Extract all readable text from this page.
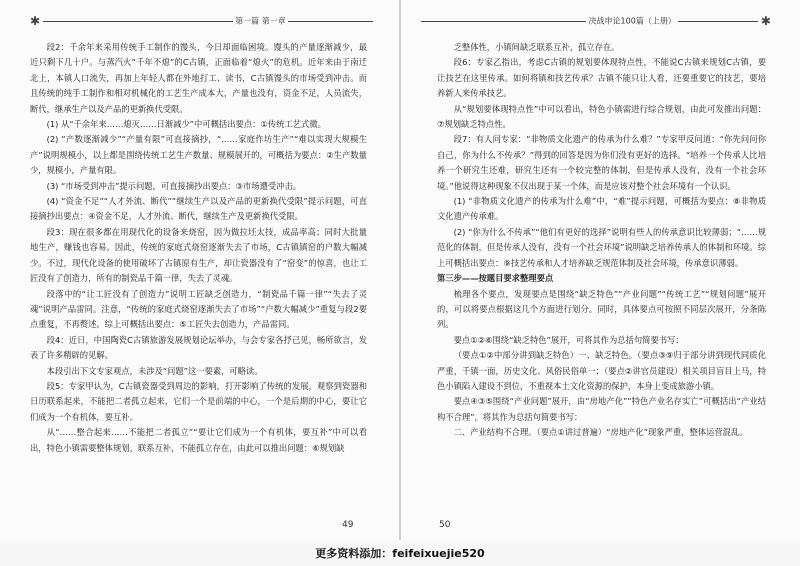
✱	第一篇 第一章

段2：千余年来采用传统手工制作的馒头，今日却面临困境。馒头的产量逐渐减少，最近只剩下几十户。与蒸汽火“千年不熄”的C古镇，正面临着“熄火”的危机。近年来由于南迁北上，本镇人口流失，再加上年轻人都在外地打工、读书，C古镇馒头的市场受到冲击。而且传统的纯手工制作和相对机械化的工艺生产成本大，产量也没有，资金不足，人员流失，断代，继承生产以及产品的更新换代受限。

(1) 从“千余年来……熄灭……日渐减少”中可概括出要点：①传统工艺式微。

(2) “产数逐渐减少”“产量有限”可直接摘抄，“……家庭作坊生产”“难以实现大规模生产”说明规模小，以上都是围绕传统工艺生产数量、规模展开的，可概括为要点：②生产数量少，规模小，产量有限。

(3) “市场受到冲击”提示问题，可直接摘抄出要点：③市场遭受冲击。

(4) “资金不足”“人才外流、断代”“继续生产以及产品的更新换代受限”提示问题，可直接摘抄出要点：④资金不足，人才外流、断代，继续生产及更新换代受限。

段3：现在很多都在用现代化的设备来烧窑，因为做拉坯太技，成品率高；同时大批量地生产，赚钱也容易。因此，传统的家庭式烧窑逐渐失去了市场，C古镇镇窑的户数大幅减少。不过，现代化设备的使用破坏了古镇原有生产，却让瓷器没有了“窑变”的惊喜，也让工匠没有了创造力，所有的制瓷品千篇一律，失去了灵魂。

段落中的“让工匠没有了创造力”说明工匠缺乏创造力，“制瓷品千篇一律”“失去了灵魂”说明产品雷同。注意，“传统的家庭式烧窑逐渐失去了市场”“户数大幅减少”重复与段2要点重复，不再赘述。综上可概括出要点：⑤工匠失去创造力，产品雷同。

段4：近日，中国陶瓷C古镇旅游发展规划论坛举办，与会专家各抒己见，畅所欲言，发表了许多精辟的见解。

本段引出下文专家观点，未涉及“问题”这一要素，可略读。

段5：专家甲认为，C古镇瓷器受到周边的影响，打开影响了传统的发展，观察到瓷器和日历联系起来，不能把二者孤立起来，它们一个是前端的中心，一个是后期的中心，要让它们成为一个有机体，要互补。

从“……整合起来……不能把二者孤立”“要让它们成为一个有机体，要互补”中可以看出，特色小镇需要整体规划，联系互补，不能孤立存在，由此可以推出问题：⑥规划缺

49
决战申论100篇（上册）	✱

乏整体性，小镇间缺乏联系互补，孤立存在。

段6：专家乙指出，考虑C古镇的规划要体现特点性，不能说C古镇来规划C古镇，要让技艺在这里传承。如何将镇和技艺传承？古镇不能只让人看，还要重要它的技艺，要培养新人来传承技艺。

从“规划要体现特点性”中可以看出，特色小镇需进行综合规划，由此可发推出问题：⑦规划缺乏特点性。

段7：有人问专家：“非物质文化遗产的传承为什么难？”专家甲反问道：“你先问问你自己，你为什么不传承？”得到的回答是因为你们没有更好的选择。“培养一个传承人比培养一个研究生还难，研究生还有一个较完整的体制，但是传承人没有，没有一个社会环境。”他说得这种现象不仅出现于某一个体，而是应该对整个社会环境有一个认识。

(1) “非物质文化遗产的传承为什么难”中，“难”提示问题，可概括为要点：⑧非物质文化遗产传承难。

(2) “你为什么不传承”“他们有更好的选择”说明有些人的传承意识比较薄弱；“……规范化的体制，但是传承人没有，没有一个社会环境”说明缺乏培养传承人的体制和环境。综上可概括出要点：⑨技艺传承和人才培养缺乏规范体制及社会环境，传承意识薄弱。

第三步——按题目要求整理要点

梳理各个要点，发现要点是围绕“缺乏特色”“产业问题”“传统工艺”“规划问题”展开的，可以将要点根据这几个方面进行划分。同时，具体要点可按照不同层次展开，分条陈列。

要点①②⑥围绕“缺乏特色”展开，可将其作为总括句简要书写：

（要点①②中部分讲到缺乏特色）一、缺乏特色。（要点③⑨归于部分讲到现代同质化严重，千镇一面，历史文化、风俗民俗单一；（要点②讲官员建设）相关项目盲目上马，特色小镇陷入建设不到位，不重视本土文化资源的保护，本身上变成旅游小镇。

要点④③⑤围绕“产业问题”展开，由“房地产化”“特色产业名存实亡”可概括出“产业结构不合理”，将其作为总括句简要书写：

二、产业结构不合理。（要点①讲过普遍）“房地产化”现象严重，整体运营混乱。

50
更多资料添加：feifeixuejie520
